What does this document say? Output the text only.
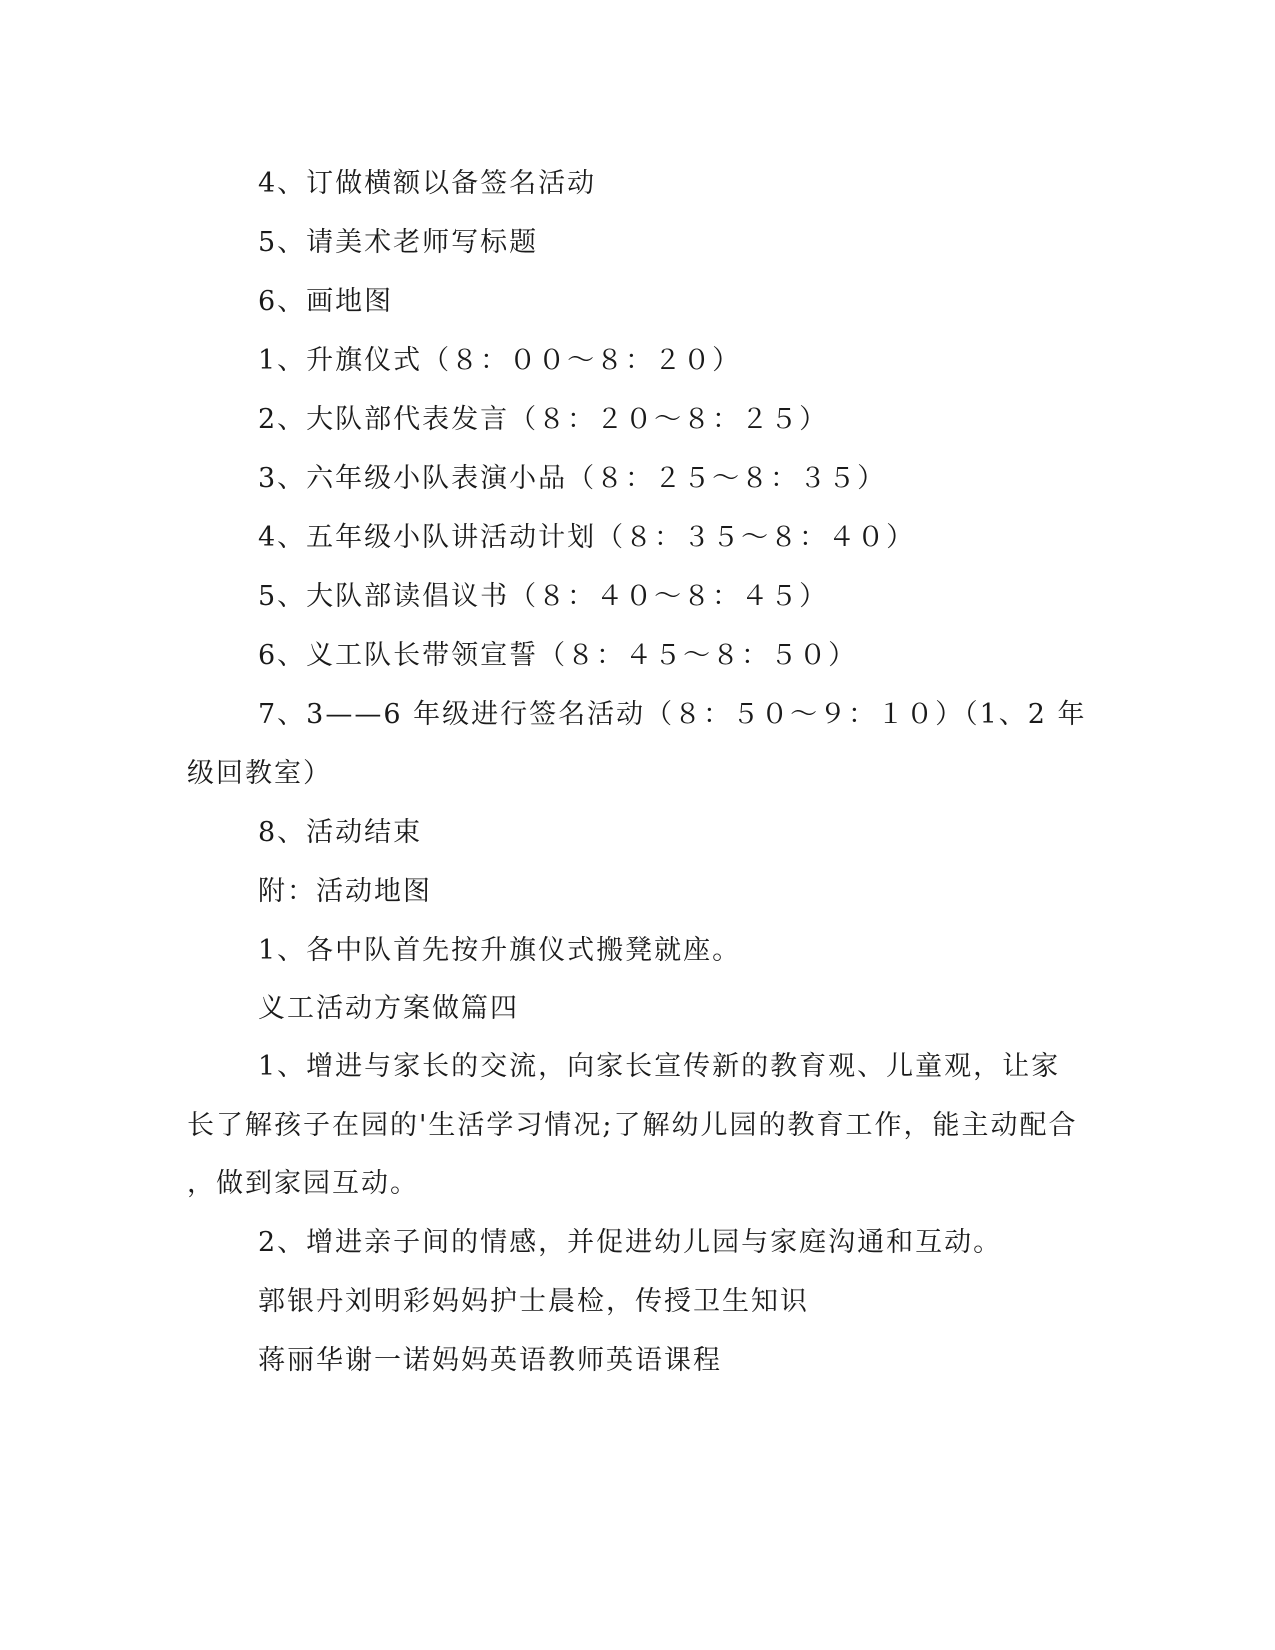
4、订做横额以备签名活动
5、请美术老师写标题
6、画地图
1、升旗仪式（８：００～８：２０）
2、大队部代表发言（８：２０～８：２５）
3、六年级小队表演小品（８：２５～８：３５）
4、五年级小队讲活动计划（８：３５～８：４０）
5、大队部读倡议书（８：４０～８：４５）
6、义工队长带领宣誓（８：４５～８：５０）
7、3——6 年级进行签名活动（８：５０～９：１０）（1、2 年
级回教室）
8、活动结束
附：活动地图
1、各中队首先按升旗仪式搬凳就座。
义工活动方案做篇四
1、增进与家长的交流，向家长宣传新的教育观、儿童观，让家
长了解孩子在园的'生活学习情况;了解幼儿园的教育工作，能主动配合
，做到家园互动。
2、增进亲子间的情感，并促进幼儿园与家庭沟通和互动。
郭银丹刘明彩妈妈护士晨检，传授卫生知识
蒋丽华谢一诺妈妈英语教师英语课程
